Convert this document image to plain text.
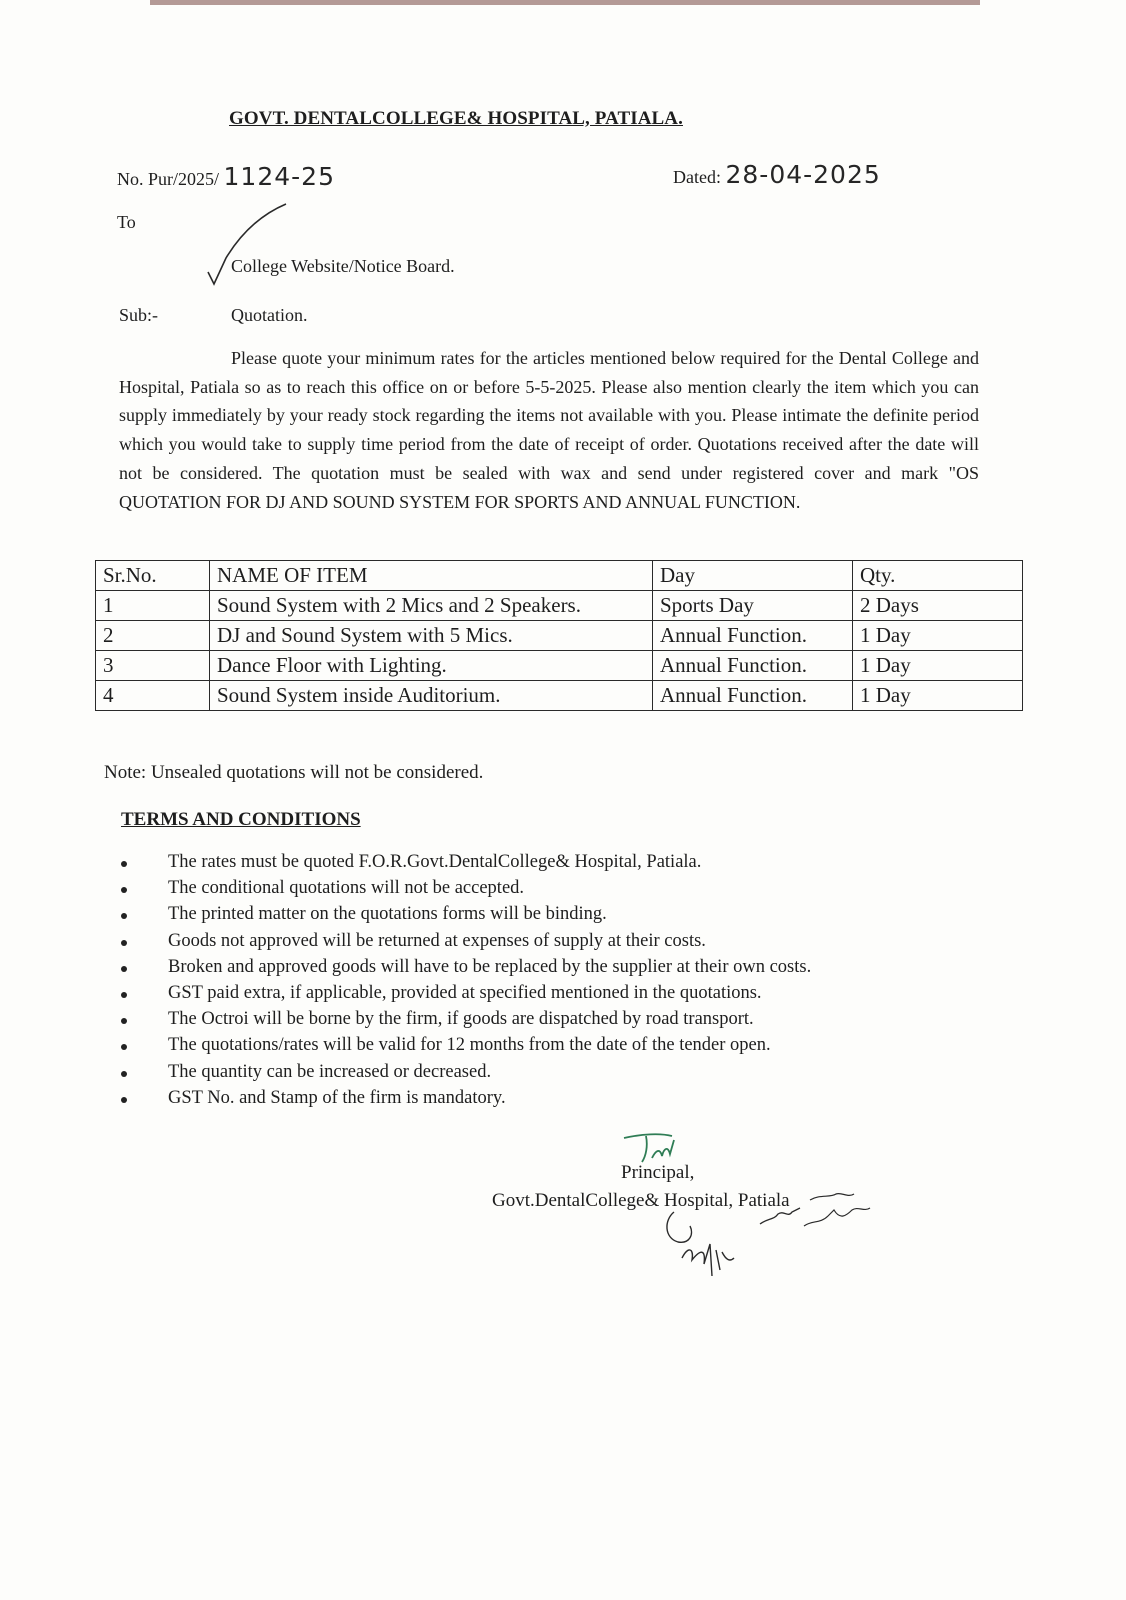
GOVT. DENTALCOLLEGE& HOSPITAL, PATIALA.
No. Pur/2025/ 1124-25	Dated: 28-04-2025
To
College Website/Notice Board.
Sub:-	Quotation.
Please quote your minimum rates for the articles mentioned below required for the Dental College and Hospital, Patiala so as to reach this office on or before 5-5-2025. Please also mention clearly the item which you can supply immediately by your ready stock regarding the items not available with you. Please intimate the definite period which you would take to supply time period from the date of receipt of order. Quotations received after the date will not be considered. The quotation must be sealed with wax and send under registered cover and mark "OS QUOTATION FOR DJ AND SOUND SYSTEM FOR SPORTS AND ANNUAL FUNCTION.
Sr.No.	NAME OF ITEM	Day	Qty.
1	Sound System with 2 Mics and 2 Speakers.	Sports Day	2 Days
2	DJ and Sound System with 5 Mics.	Annual Function.	1 Day
3	Dance Floor with Lighting.	Annual Function.	1 Day
4	Sound System inside Auditorium.	Annual Function.	1 Day
Note: Unsealed quotations will not be considered.
TERMS AND CONDITIONS
The rates must be quoted F.O.R.Govt.DentalCollege& Hospital, Patiala.
The conditional quotations will not be accepted.
The printed matter on the quotations forms will be binding.
Goods not approved will be returned at expenses of supply at their costs.
Broken and approved goods will have to be replaced by the supplier at their own costs.
GST paid extra, if applicable, provided at specified mentioned in the quotations.
The Octroi will be borne by the firm, if goods are dispatched by road transport.
The quotations/rates will be valid for 12 months from the date of the tender open.
The quantity can be increased or decreased.
GST No. and Stamp of the firm is mandatory.
Principal,
Govt.DentalCollege& Hospital, Patiala
